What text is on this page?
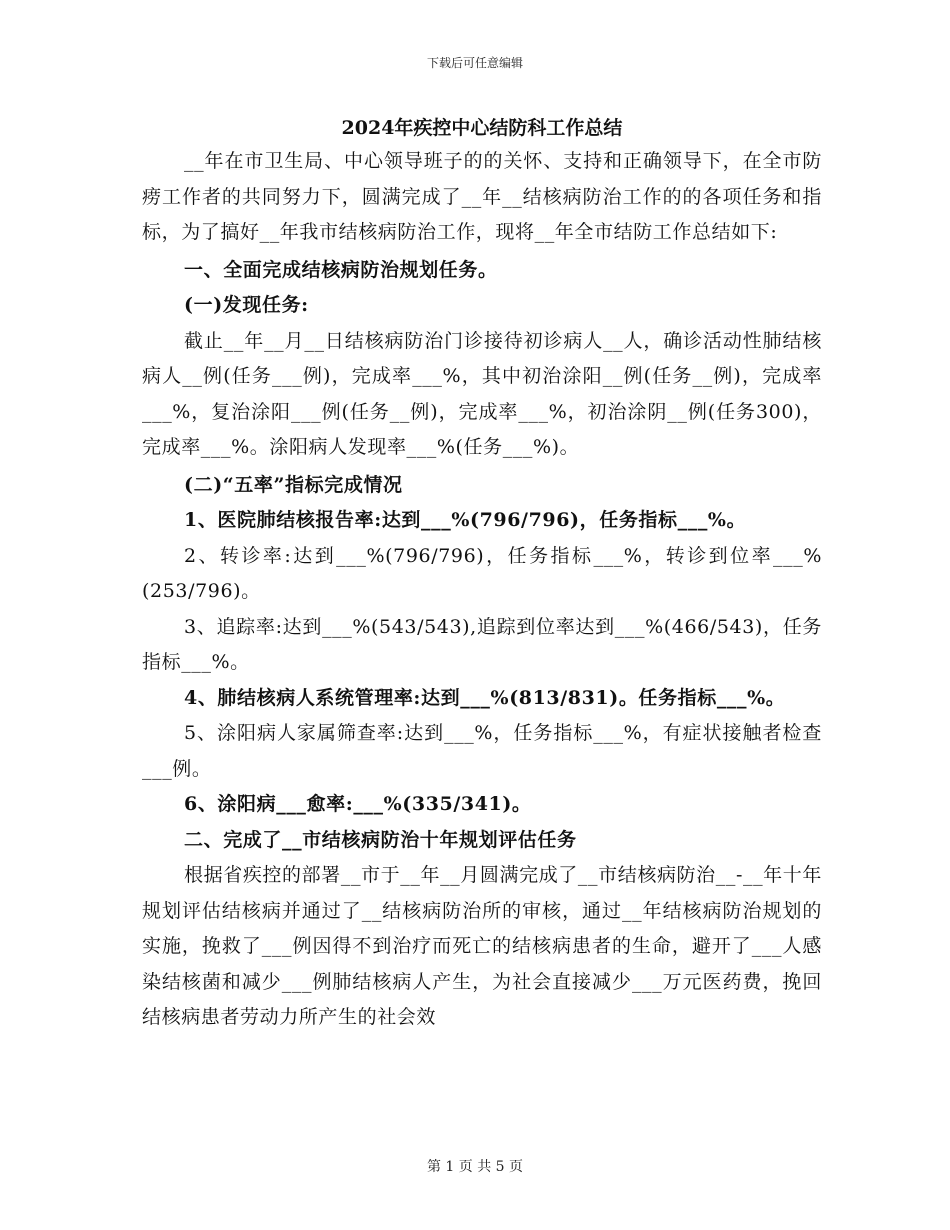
下载后可任意编辑
2024年疾控中心结防科工作总结

__年在市卫生局、中心领导班子的的关怀、支持和正确领导下，在全市防痨工作者的共同努力下，圆满完成了__年__结核病防治工作的的各项任务和指标，为了搞好__年我市结核病防治工作，现将__年全市结防工作总结如下:

一、全面完成结核病防治规划任务。

(一)发现任务:

截止__年__月__日结核病防治门诊接待初诊病人__人，确诊活动性肺结核病人__例(任务___例)，完成率___%，其中初治涂阳__例(任务__例)，完成率___%，复治涂阳___例(任务__例)，完成率___%，初治涂阴__例(任务300)，完成率___%。涂阳病人发现率___%(任务___%)。

(二)“五率”指标完成情况

1、医院肺结核报告率:达到___%(796/796)，任务指标___%。

2、转诊率:达到___%(796/796)，任务指标___%，转诊到位率___%(253/796)。

3、追踪率:达到___%(543/543),追踪到位率达到___%(466/543)，任务指标___%。

4、肺结核病人系统管理率:达到___%(813/831)。任务指标___%。

5、涂阳病人家属筛查率:达到___%，任务指标___%，有症状接触者检查___例。

6、涂阳病___愈率:___%(335/341)。

二、完成了__市结核病防治十年规划评估任务

根据省疾控的部署__市于__年__月圆满完成了__市结核病防治__-__年十年规划评估结核病并通过了__结核病防治所的审核，通过__年结核病防治规划的实施，挽救了___例因得不到治疗而死亡的结核病患者的生命，避开了___人感染结核菌和减少___例肺结核病人产生，为社会直接减少___万元医药费，挽回结核病患者劳动力所产生的社会效

第 1 页 共 5 页
